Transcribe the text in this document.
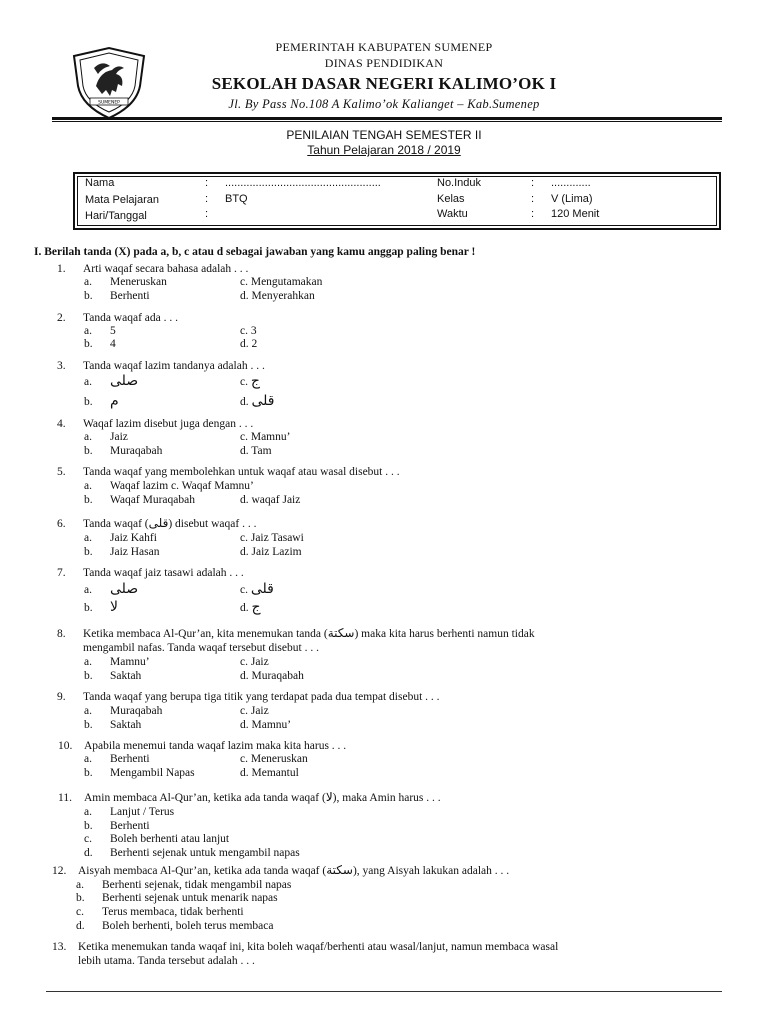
SUMENEP
PEMERINTAH KABUPATEN SUMENEP
DINAS PENDIDIKAN
SEKOLAH DASAR NEGERI KALIMO’OK I
Jl. By Pass No.108 A Kalimo’ok Kalianget – Kab.Sumenep
PENILAIAN TENGAH SEMESTER II
Tahun Pelajaran 2018 / 2019
Nama	: ...................................................
Mata Pelajaran	: BTQ
Hari/Tanggal	:
No.Induk	: .............
Kelas	: V (Lima)
Waktu	: 120 Menit
I. Berilah tanda (X) pada a, b, c atau d sebagai jawaban yang kamu anggap paling benar !
1. Arti waqaf secara bahasa adalah . . .
a. Meneruskan	c. Mengutamakan
b. Berhenti	d. Menyerahkan
2. Tanda waqaf ada . . .
a. 5	c. 3
b. 4	d. 2
3. Tanda waqaf lazim tandanya adalah . . .
a. صلى	c. ج
b. م	d. قلى
4. Waqaf lazim disebut juga dengan . . .
a. Jaiz	c. Mamnu’
b. Muraqabah	d. Tam
5. Tanda waqaf yang membolehkan untuk waqaf atau wasal disebut . . .
a. Waqaf lazim c. Waqaf Mamnu’
b. Waqaf Muraqabah	d. waqaf Jaiz
6. Tanda waqaf (قلى) disebut waqaf . . .
a. Jaiz Kahfi	c. Jaiz Tasawi
b. Jaiz Hasan	d. Jaiz Lazim
7. Tanda waqaf jaiz tasawi adalah . . .
a. صلى	c. قلى
b. لا	d. ج
8. Ketika membaca Al-Qur’an, kita menemukan tanda (سكتة) maka kita harus berhenti namun tidak
mengambil nafas. Tanda waqaf tersebut disebut . . .
a. Mamnu’	c. Jaiz
b. Saktah	d. Muraqabah
9. Tanda waqaf yang berupa tiga titik yang terdapat pada dua tempat disebut . . .
a. Muraqabah	c. Jaiz
b. Saktah	d. Mamnu’
10. Apabila menemui tanda waqaf lazim maka kita harus . . .
a. Berhenti	c. Meneruskan
b. Mengambil Napas	d. Memantul
11. Amin membaca Al-Qur’an, ketika ada tanda waqaf (لا), maka Amin harus . . .
a. Lanjut / Terus
b. Berhenti
c. Boleh berhenti atau lanjut
d. Berhenti sejenak untuk mengambil napas
12. Aisyah membaca Al-Qur’an, ketika ada tanda waqaf (سكتة), yang Aisyah lakukan adalah . . .
a. Berhenti sejenak, tidak mengambil napas
b. Berhenti sejenak untuk menarik napas
c. Terus membaca, tidak berhenti
d. Boleh berhenti, boleh terus membaca
13. Ketika menemukan tanda waqaf ini, kita boleh waqaf/berhenti atau wasal/lanjut, namun membaca wasal
lebih utama. Tanda tersebut adalah . . .
